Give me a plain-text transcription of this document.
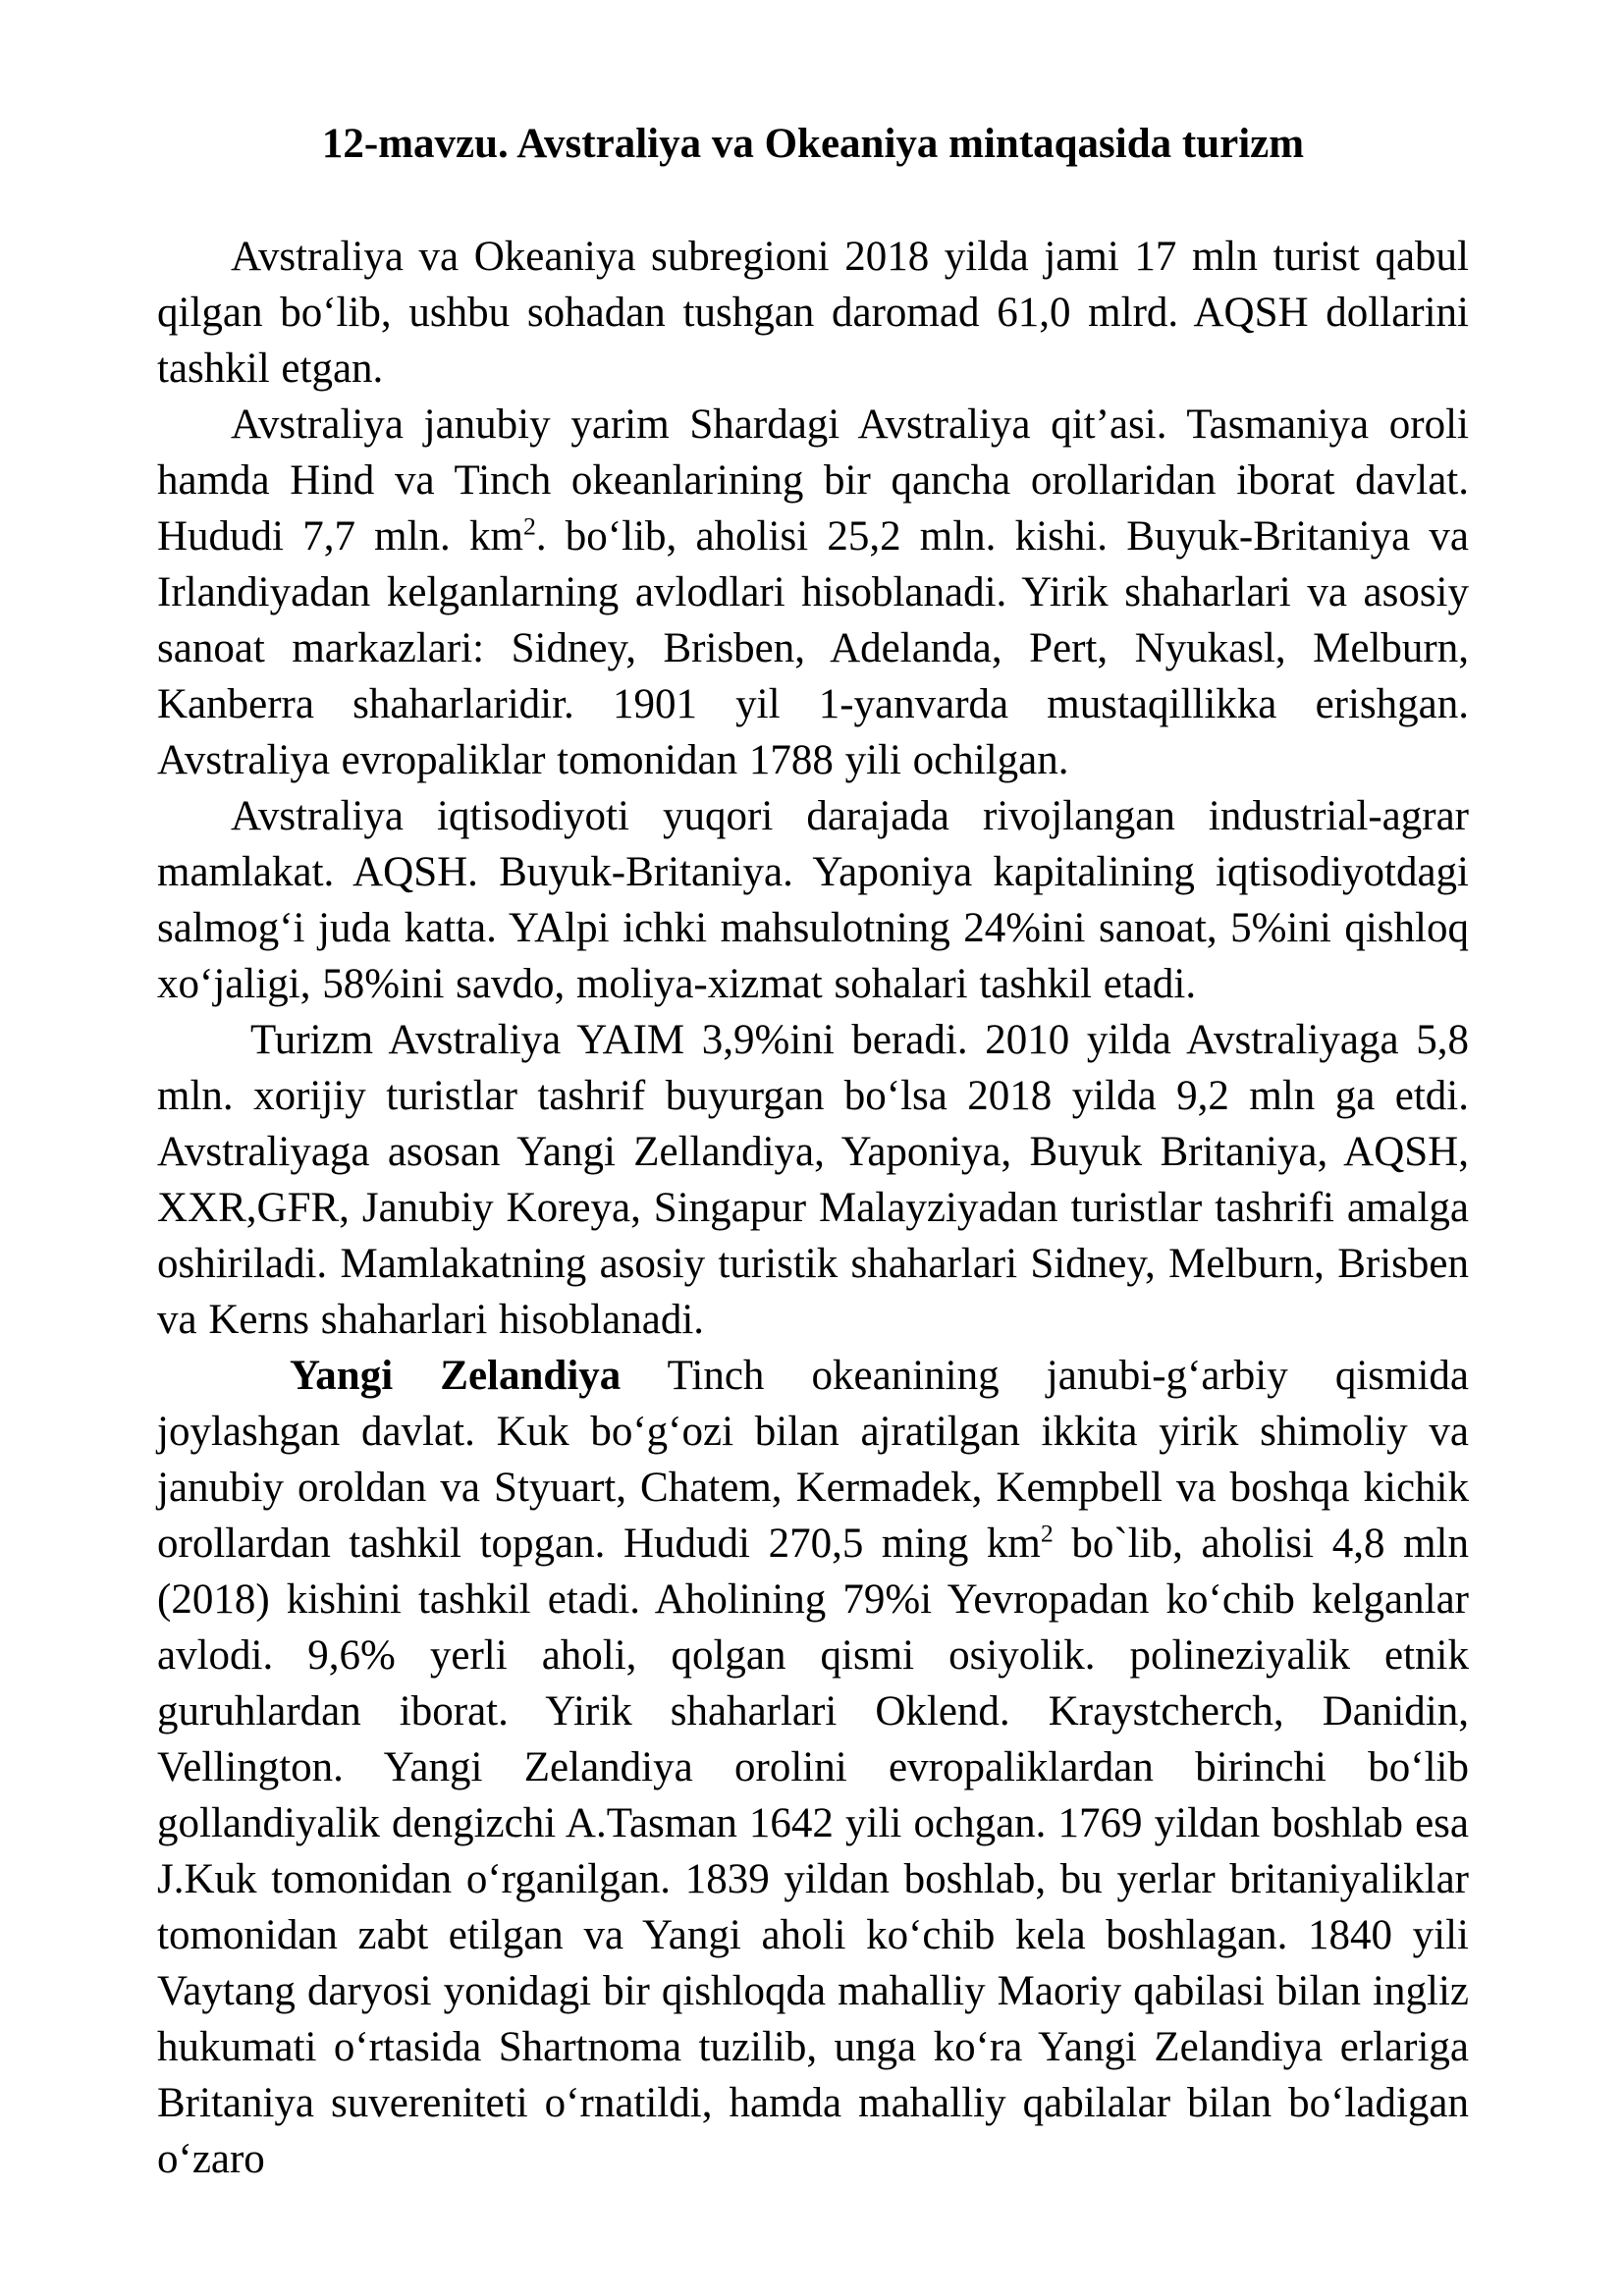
12-mavzu. Avstraliya va Okeaniya mintaqasida turizm

Avstraliya va Okeaniya subregioni 2018 yilda jami 17 mln turist qabul qilgan bo‘lib, ushbu sohadan tushgan daromad 61,0 mlrd. AQSH dollarini tashkil etgan.

Avstraliya janubiy yarim Shardagi Avstraliya qit’asi. Tasmaniya oroli hamda Hind va Tinch okeanlarining bir qancha orollaridan iborat davlat. Hududi 7,7 mln. $km^2$. bo‘lib, aholisi 25,2 mln. kishi. Buyuk-Britaniya va Irlandiyadan kelganlarning avlodlari hisoblanadi. Yirik shaharlari va asosiy sanoat markazlari: Sidney, Brisben, Adelanda, Pert, Nyukasl, Melburn, Kanberra shaharlaridir. 1901 yil 1-yanvarda mustaqillikka erishgan. Avstraliya evropaliklar tomonidan 1788 yili ochilgan.

Avstraliya iqtisodiyoti yuqori darajada rivojlangan industrial-agrar mamlakat. AQSH. Buyuk-Britaniya. Yaponiya kapitalining iqtisodiyotdagi salmog‘i juda katta. YAlpi ichki mahsulotning 24%ini sanoat, 5%ini qishloq xo‘jaligi, 58%ini savdo, moliya-xizmat sohalari tashkil etadi.

Turizm Avstraliya YAIM 3,9%ini beradi. 2010 yilda Avstraliyaga 5,8 mln. xorijiy turistlar tashrif buyurgan bo‘lsa 2018 yilda 9,2 mln ga etdi. Avstraliyaga asosan Yangi Zellandiya, Yaponiya, Buyuk Britaniya, AQSH, XXR,GFR, Janubiy Koreya, Singapur Malayziyadan turistlar tashrifi amalga oshiriladi. Mamlakatning asosiy turistik shaharlari Sidney, Melburn, Brisben va Kerns shaharlari hisoblanadi.

Yangi Zelandiya Tinch okeanining janubi-g‘arbiy qismida joylashgan davlat. Kuk bo‘g‘ozi bilan ajratilgan ikkita yirik shimoliy va janubiy oroldan va Styuart, Chatem, Kermadek, Kempbell va boshqa kichik orollardan tashkil topgan. Hududi 270,5 ming $km^2$ bo`lib, aholisi 4,8 mln (2018) kishini tashkil etadi. Aholining 79%i Yevropadan ko‘chib kelganlar avlodi. 9,6% yerli aholi, qolgan qismi osiyolik. polineziyalik etnik guruhlardan iborat. Yirik shaharlari Oklend. Kraystcherch, Danidin, Vellington. Yangi Zelandiya orolini evropaliklardan birinchi bo‘lib gollandiyalik dengizchi A.Tasman 1642 yili ochgan. 1769 yildan boshlab esa J.Kuk tomonidan o‘rganilgan. 1839 yildan boshlab, bu yerlar britaniyaliklar tomonidan zabt etilgan va Yangi aholi ko‘chib kela boshlagan. 1840 yili Vaytang daryosi yonidagi bir qishloqda mahalliy Maoriy qabilasi bilan ingliz hukumati o‘rtasida Shartnoma tuzilib, unga ko‘ra Yangi Zelandiya erlariga Britaniya suvereniteti o‘rnatildi, hamda mahalliy qabilalar bilan bo‘ladigan o‘zaro
